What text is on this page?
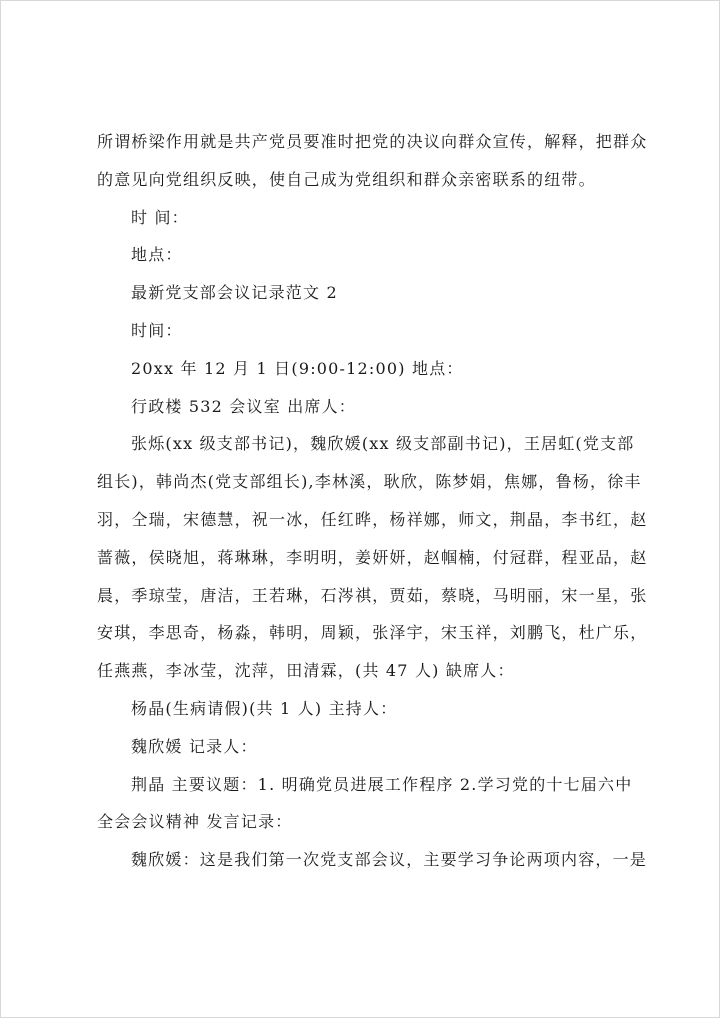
所谓桥梁作用就是共产党员要准时把党的决议向群众宣传，解释，把群众
的意见向党组织反映，使自己成为党组织和群众亲密联系的纽带。

时 间：

地点：

最新党支部会议记录范文 2

时间：

20xx 年 12 月 1 日(9:00-12:00) 地点：

行政楼 532 会议室 出席人：

张烁(xx 级支部书记)，魏欣媛(xx 级支部副书记)，王居虹(党支部
组长)，韩尚杰(党支部组长),李林溪，耿欣，陈梦娟，焦娜，鲁杨，徐丰
羽，仝瑞，宋德慧，祝一冰，任红晔，杨祥娜，师文，荆晶，李书红，赵
蔷薇，侯晓旭，蒋琳琳，李明明，姜妍妍，赵帼楠，付冠群，程亚品，赵
晨，季琼莹，唐洁，王若琳，石涔祺，贾茹，蔡晓，马明丽，宋一星，张
安琪，李思奇，杨淼，韩明，周颖，张泽宇，宋玉祥，刘鹏飞，杜广乐，
任燕燕，李冰莹，沈萍，田清霖，(共 47 人) 缺席人：

杨晶(生病请假)(共 1 人) 主持人：

魏欣媛 记录人：

荆晶 主要议题：1. 明确党员进展工作程序 2.学习党的十七届六中
全会会议精神 发言记录：

魏欣媛：这是我们第一次党支部会议，主要学习争论两项内容，一是
